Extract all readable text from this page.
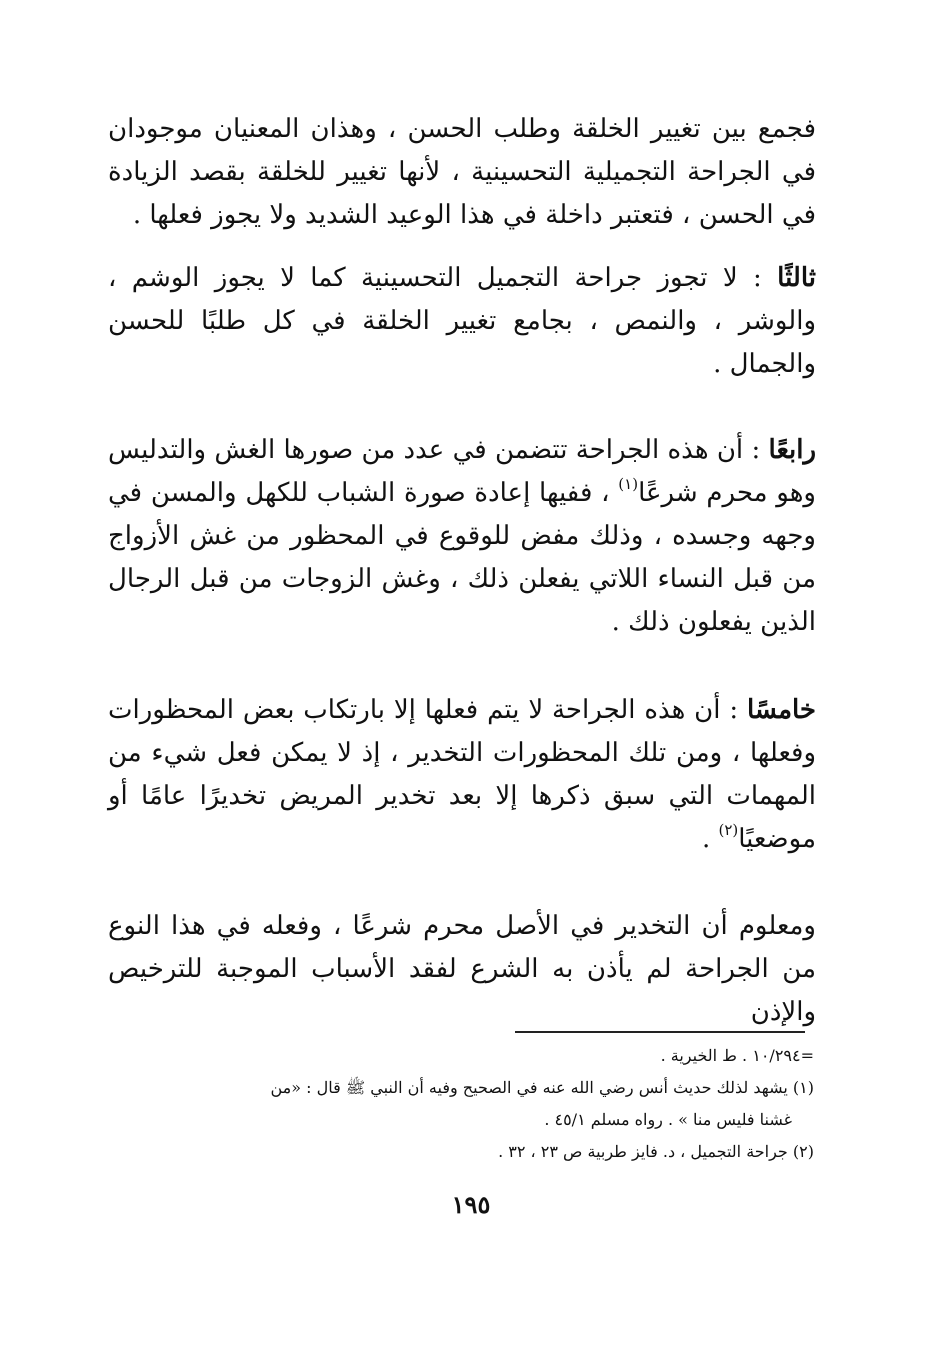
فجمع بين تغيير الخلقة وطلب الحسن ، وهذان المعنيان موجودان في الجراحة التجميلية التحسينية ، لأنها تغيير للخلقة بقصد الزيادة في الحسن ، فتعتبر داخلة في هذا الوعيد الشديد ولا يجوز فعلها .

ثالثًا : لا تجوز جراحة التجميل التحسينية كما لا يجوز الوشم ، والوشر ، والنمص ، بجامع تغيير الخلقة في كل طلبًا للحسن والجمال .

رابعًا : أن هذه الجراحة تتضمن في عدد من صورها الغش والتدليس وهو محرم شرعًا$^{(١)}$ ، ففيها إعادة صورة الشباب للكهل والمسن في وجهه وجسده ، وذلك مفض للوقوع في المحظور من غش الأزواج من قبل النساء اللاتي يفعلن ذلك ، وغش الزوجات من قبل الرجال الذين يفعلون ذلك .

خامسًا : أن هذه الجراحة لا يتم فعلها إلا بارتكاب بعض المحظورات وفعلها ، ومن تلك المحظورات التخدير ، إذ لا يمكن فعل شيء من المهمات التي سبق ذكرها إلا بعد تخدير المريض تخديرًا عامًا أو موضعيًا$^{(٢)}$ .

ومعلوم أن التخدير في الأصل محرم شرعًا ، وفعله في هذا النوع من الجراحة لم يأذن به الشرع لفقد الأسباب الموجبة للترخيص والإذن

=١٠/٢٩٤ . ط الخيرية .

(١) يشهد لذلك حديث أنس رضي الله عنه في الصحيح وفيه أن النبي ﷺ قال : «من

غشنا فليس منا » . رواه مسلم ٤٥/١ .

(٢) جراحة التجميل ، د. فايز طربية ص ٢٣ ، ٣٢ .

١٩٥
